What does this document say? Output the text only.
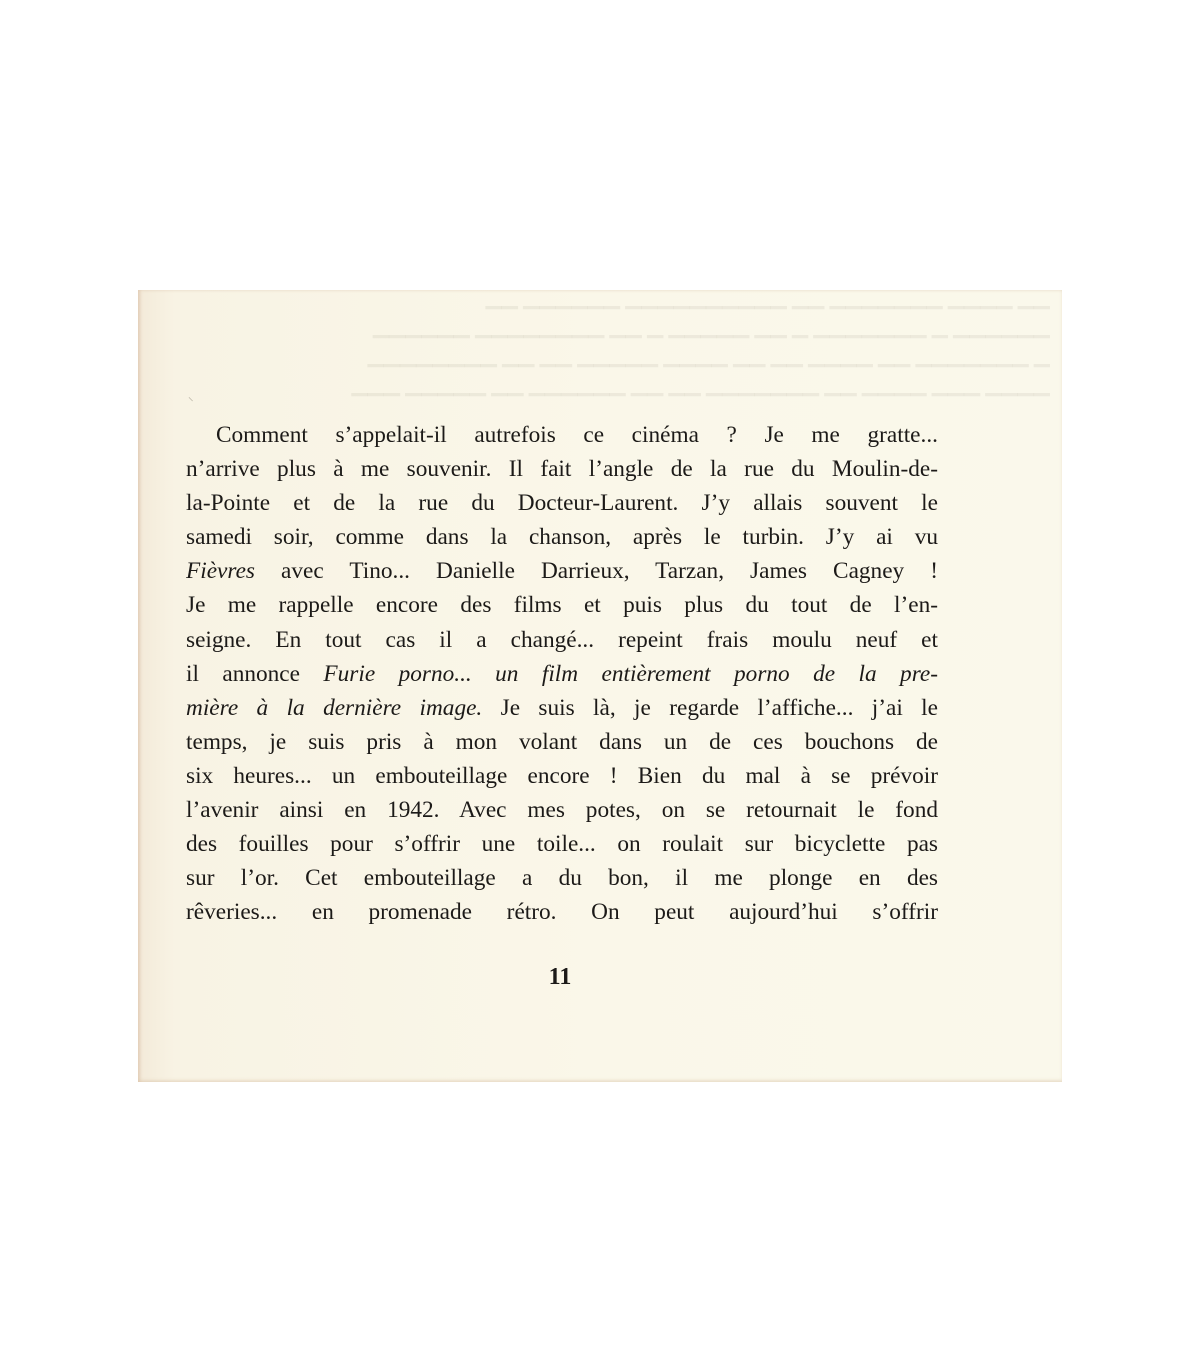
▁▁ ▁▁▁▁ ▁▁▁▁▁▁▁ ▁▁ ▁▁▁▁▁▁▁▁▁▁ ▁▁▁▁▁▁ ▁▁
▁▁▁▁▁▁ ▁ ▁▁▁▁▁▁▁ ▁ ▁▁ ▁▁▁▁▁ ▁ ▁▁ ▁▁▁▁▁▁▁▁ ▁▁▁▁▁▁
▁ ▁▁▁▁▁▁▁ ▁▁ ▁▁▁▁ ▁▁ ▁▁ ▁▁▁▁ ▁▁▁▁▁ ▁▁ ▁▁ ▁▁▁▁▁▁▁▁
▁▁▁▁ ▁▁▁ ▁▁▁▁ ▁▁ ▁▁▁▁▁▁▁ ▁▁ ▁▁ ▁▁▁▁▁▁ ▁▁ ▁▁▁▁▁ ▁▁▁
⸌
Comment s’appelait-il autrefois ce cinéma ? Je me gratte...
n’arrive plus à me souvenir. Il fait l’angle de la rue du Moulin-de-
la-Pointe et de la rue du Docteur-Laurent. J’y allais souvent le
samedi soir, comme dans la chanson, après le turbin. J’y ai vu
Fièvres avec Tino... Danielle Darrieux, Tarzan, James Cagney !
Je me rappelle encore des films et puis plus du tout de l’en-
seigne. En tout cas il a changé... repeint frais moulu neuf et
il annonce Furie porno... un film entièrement porno de la pre-
mière à la dernière image. Je suis là, je regarde l’affiche... j’ai le
temps, je suis pris à mon volant dans un de ces bouchons de
six heures... un embouteillage encore ! Bien du mal à se prévoir
l’avenir ainsi en 1942. Avec mes potes, on se retournait le fond
des fouilles pour s’offrir une toile... on roulait sur bicyclette pas
sur l’or. Cet embouteillage a du bon, il me plonge en des
rêveries... en promenade rétro. On peut aujourd’hui s’offrir
11
